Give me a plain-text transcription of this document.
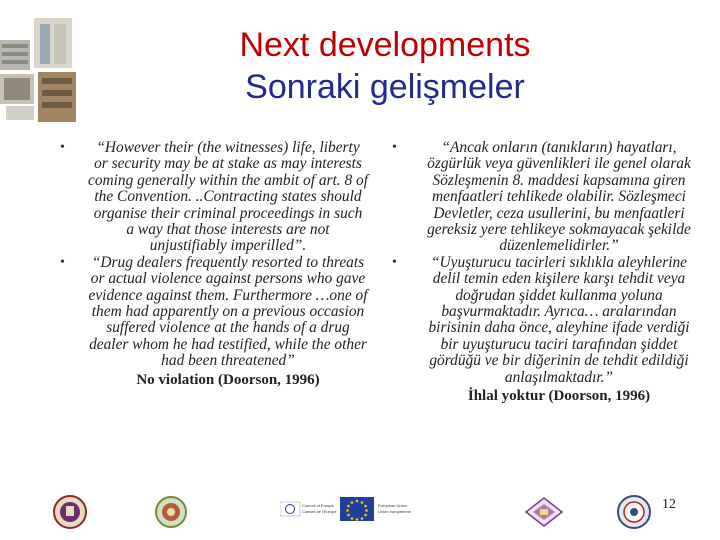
Next developments
Sonraki gelişmeler

•	“However their (the witnesses) life, liberty or security may be at stake as may interests coming generally within the ambit of art. 8 of the Convention. ..Contracting states should organise their criminal proceedings in such a way that those interests are not unjustifiably imperilled”.

• “Drug dealers frequently resorted to threats or actual violence against persons who gave evidence against them. Furthermore …one of them had apparently on a previous occasion suffered violence at the hands of a drug dealer whom he had testified, while the other had been threatened”
No violation (Doorson, 1996)

•	“Ancak onların (tanıkların) hayatları, özgürlük veya güvenlikleri ile genel olarak Sözleşmenin 8. maddesi kapsamına giren menfaatleri tehlikede olabilir. Sözleşmeci Devletler, ceza usullerini, bu menfaatleri gereksiz yere tehlikeye sokmayacak şekilde düzenlemelidirler.”

•	“Uyuşturucu tacirleri sıklıkla aleyhlerine delil temin eden kişilere karşı tehdit veya doğrudan şiddet kullanma yoluna başvurmaktadır. Ayrıca… aralarından birisinin daha önce, aleyhine ifade verdiği bir uyuşturucu taciri tarafından şiddet gördüğü ve bir diğerinin de tehdit edildiği anlaşılmaktadır.”
İhlal yoktur (Doorson, 1996)

Council of Europe
Conseil de l'Europe
European Union
Union européenne	12
